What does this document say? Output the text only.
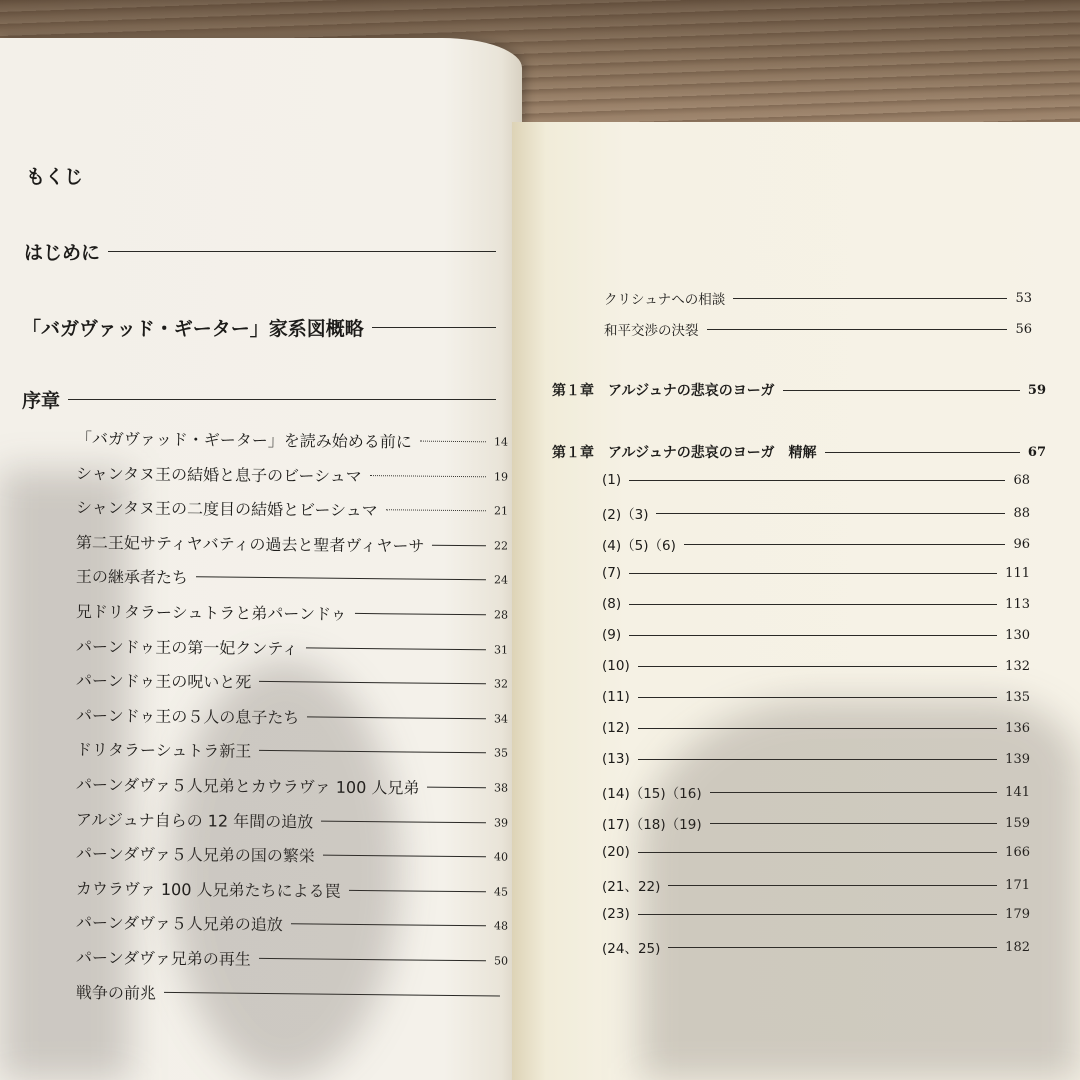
もくじ
はじめに
「バガヴァッド・ギーター」家系図概略
序章
「バガヴァッド・ギーター」を読み始める前に	14
シャンタヌ王の結婚と息子のビーシュマ	19
シャンタヌ王の二度目の結婚とビーシュマ	21
第二王妃サティヤバティの過去と聖者ヴィヤーサ	22
王の継承者たち	24
兄ドリタラーシュトラと弟パーンドゥ	28
パーンドゥ王の第一妃クンティ	31
パーンドゥ王の呪いと死	32
パーンドゥ王の５人の息子たち	34
ドリタラーシュトラ新王	35
パーンダヴァ５人兄弟とカウラヴァ 100 人兄弟	38
アルジュナ自らの 12 年間の追放	39
パーンダヴァ５人兄弟の国の繁栄	40
カウラヴァ 100 人兄弟たちによる罠	45
パーンダヴァ５人兄弟の追放	48
パーンダヴァ兄弟の再生	50
戦争の前兆
クリシュナへの相談	53
和平交渉の決裂	56
第１章　アルジュナの悲哀のヨーガ	59
第１章　アルジュナの悲哀のヨーガ　精解	67
(1)	68
(2)（3)	88
(4)（5)（6)	96
(7)	111
(8)	113
(9)	130
(10)	132
(11)	135
(12)	136
(13)	139
(14)（15)（16)	141
(17)（18)（19)	159
(20)	166
(21、22)	171
(23)	179
(24、25)	182
